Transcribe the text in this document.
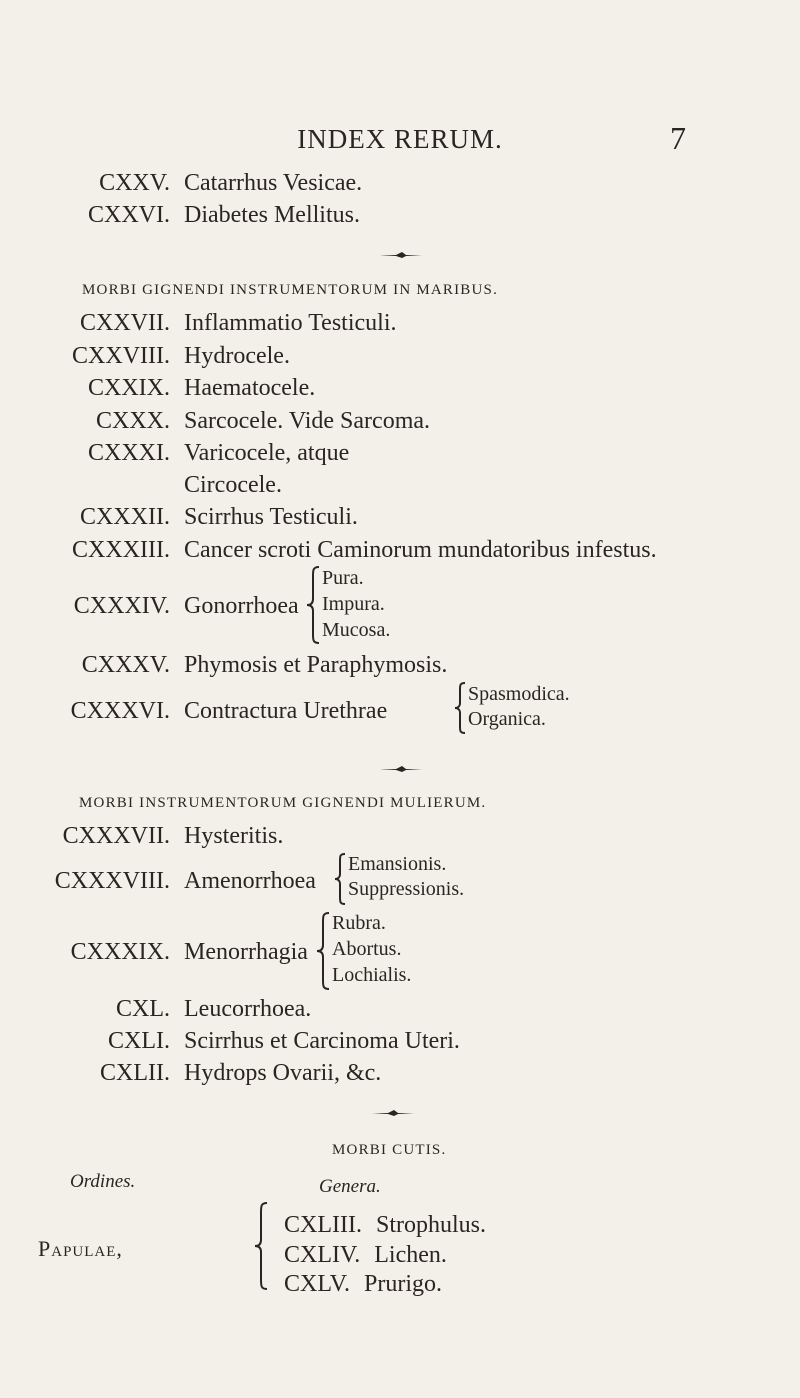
INDEX RERUM.	7
CXXV. Catarrhus Vesicae.
CXXVI. Diabetes Mellitus.
MORBI GIGNENDI INSTRUMENTORUM IN MARIBUS.
CXXVII. Inflammatio Testiculi.
CXXVIII. Hydrocele.
CXXIX. Haematocele.
CXXX. Sarcocele. Vide Sarcoma.
CXXXI. Varicocele, atque
Circocele.
CXXXII. Scirrhus Testiculi.
CXXXIII. Cancer scroti Caminorum mundatoribus infestus.
CXXXIV. Gonorrhoea
Pura.
Impura.
Mucosa.
CXXXV. Phymosis et Paraphymosis.
CXXXVI. Contractura Urethrae
Spasmodica.
Organica.
MORBI INSTRUMENTORUM GIGNENDI MULIERUM.
CXXXVII. Hysteritis.
CXXXVIII. Amenorrhoea
Emansionis.
Suppressionis.
CXXXIX. Menorrhagia
Rubra.
Abortus.
Lochialis.
CXL. Leucorrhoea.
CXLI. Scirrhus et Carcinoma Uteri.
CXLII. Hydrops Ovarii, &c.
MORBI CUTIS.
Ordines.	Genera.
Papulae,
CXLIII. Strophulus.
CXLIV. Lichen.
CXLV. Prurigo.
